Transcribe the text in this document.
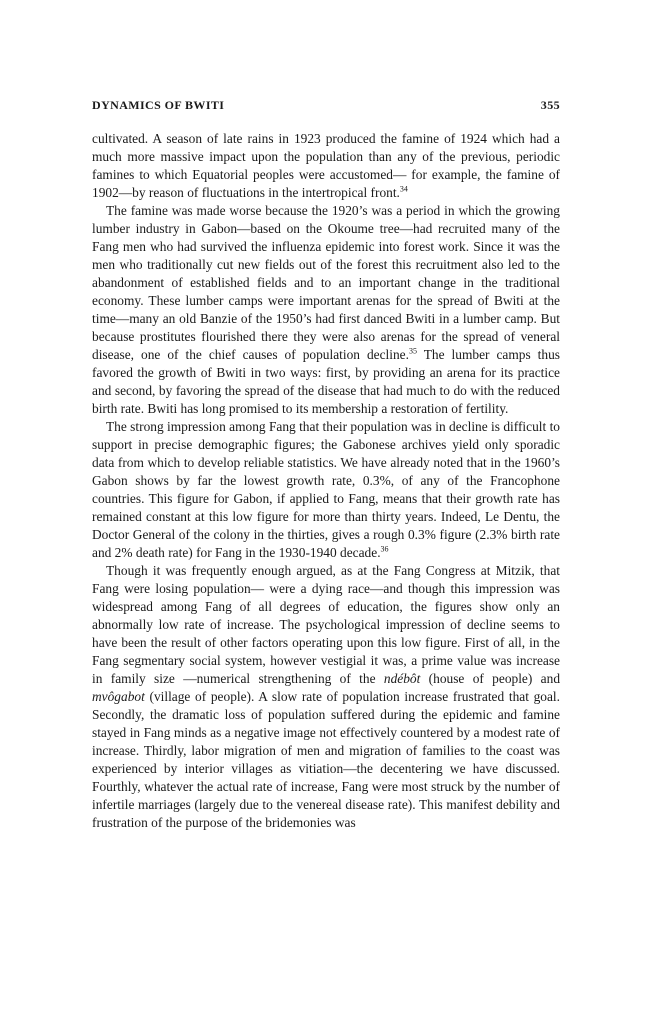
DYNAMICS OF BWITI	355

cultivated. A season of late rains in 1923 produced the famine of 1924 which had a much more massive impact upon the population than any of the previous, periodic famines to which Equatorial peoples were accustomed— for example, the famine of 1902—by reason of fluctuations in the intertropical front.$^{34}$

The famine was made worse because the 1920’s was a period in which the growing lumber industry in Gabon—based on the Okoume tree—had recruited many of the Fang men who had survived the influenza epidemic into forest work. Since it was the men who traditionally cut new fields out of the forest this recruitment also led to the abandonment of established fields and to an important change in the traditional economy. These lumber camps were important arenas for the spread of Bwiti at the time—many an old Banzie of the 1950’s had first danced Bwiti in a lumber camp. But because prostitutes flourished there they were also arenas for the spread of veneral disease, one of the chief causes of population decline.$^{35}$ The lumber camps thus favored the growth of Bwiti in two ways: first, by providing an arena for its practice and second, by favoring the spread of the disease that had much to do with the reduced birth rate. Bwiti has long promised to its membership a restoration of fertility.

The strong impression among Fang that their population was in decline is difficult to support in precise demographic figures; the Gabonese archives yield only sporadic data from which to develop reliable statistics. We have already noted that in the 1960’s Gabon shows by far the lowest growth rate, 0.3%, of any of the Francophone countries. This figure for Gabon, if applied to Fang, means that their growth rate has remained constant at this low figure for more than thirty years. Indeed, Le Dentu, the Doctor General of the colony in the thirties, gives a rough 0.3% figure (2.3% birth rate and 2% death rate) for Fang in the 1930-1940 decade.$^{36}$

Though it was frequently enough argued, as at the Fang Congress at Mitzik, that Fang were losing population— were a dying race—and though this impression was widespread among Fang of all degrees of education, the figures show only an abnormally low rate of increase. The psychological impression of decline seems to have been the result of other factors operating upon this low figure. First of all, in the Fang segmentary social system, however vestigial it was, a prime value was increase in family size —numerical strengthening of the ndébôt (house of people) and mvôgabot (village of people). A slow rate of population increase frustrated that goal. Secondly, the dramatic loss of population suffered during the epidemic and famine stayed in Fang minds as a negative image not effectively countered by a modest rate of increase. Thirdly, labor migration of men and migration of families to the coast was experienced by interior villages as vitiation—the decentering we have discussed. Fourthly, whatever the actual rate of increase, Fang were most struck by the number of infertile marriages (largely due to the venereal disease rate). This manifest debility and frustration of the purpose of the bridemonies was
